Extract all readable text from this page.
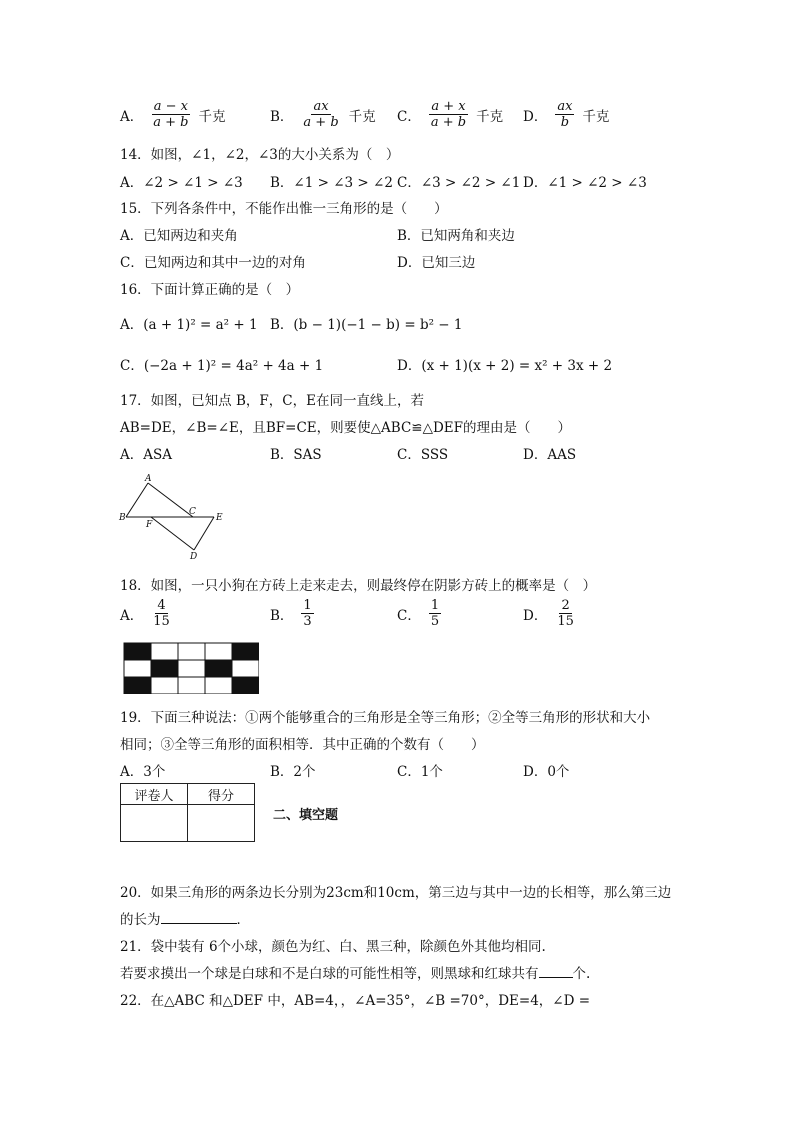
A． $\frac{a - x}{a + b}$ 千克	B． $\frac{ax}{a + b}$ 千克 C． $\frac{a + x}{a + b}$ 千克 D． $\frac{ax}{b}$ 千克
14．如图，∠1，∠2，∠3的大小关系为（　）
A．∠2 > ∠1 > ∠3 B．∠1 > ∠3 > ∠2 C．∠3 > ∠2 > ∠1 D．∠1 > ∠2 > ∠3
15．下列各条件中，不能作出惟一三角形的是（　　）
A．已知两边和夹角	B．已知两角和夹边
C．已知两边和其中一边的对角	D．已知三边
16．下面计算正确的是（　）
A．(a + 1)² = a² + 1 B．(b − 1)(−1 − b) = b² − 1
C．(−2a + 1)² = 4a² + 4a + 1	D．(x + 1)(x + 2) = x² + 3x + 2
17．如图，已知点 B，F，C，E在同一直线上，若
AB=DE，∠B=∠E，且BF=CE，则要使△ABC≌△DEF的理由是（　　）
A．ASA	B．SAS	C．SSS	D．AAS
A
B
F
C
E
D
18．如图，一只小狗在方砖上走来走去，则最终停在阴影方砖上的概率是（　）
A． $\frac{4}{15}$	B． $\frac{1}{3}$	C． $\frac{1}{5}$	D． $\frac{2}{15}$
19．下面三种说法：①两个能够重合的三角形是全等三角形；②全等三角形的形状和大小
相同；③全等三角形的面积相等．其中正确的个数有（　　）
A．3个	B．2个	C．1个	D．0个
评卷人	得分

二、填空题
20．如果三角形的两条边长分别为23cm和10cm，第三边与其中一边的长相等，那么第三边
的长为	．
21．袋中装有 6个小球，颜色为红、白、黑三种，除颜色外其他均相同.
若要求摸出一个球是白球和不是白球的可能性相等，则黑球和红球共有	个.
22．在△ABC 和△DEF 中，AB=4，，∠A=35°，∠B =70°，DE=4，∠D =
